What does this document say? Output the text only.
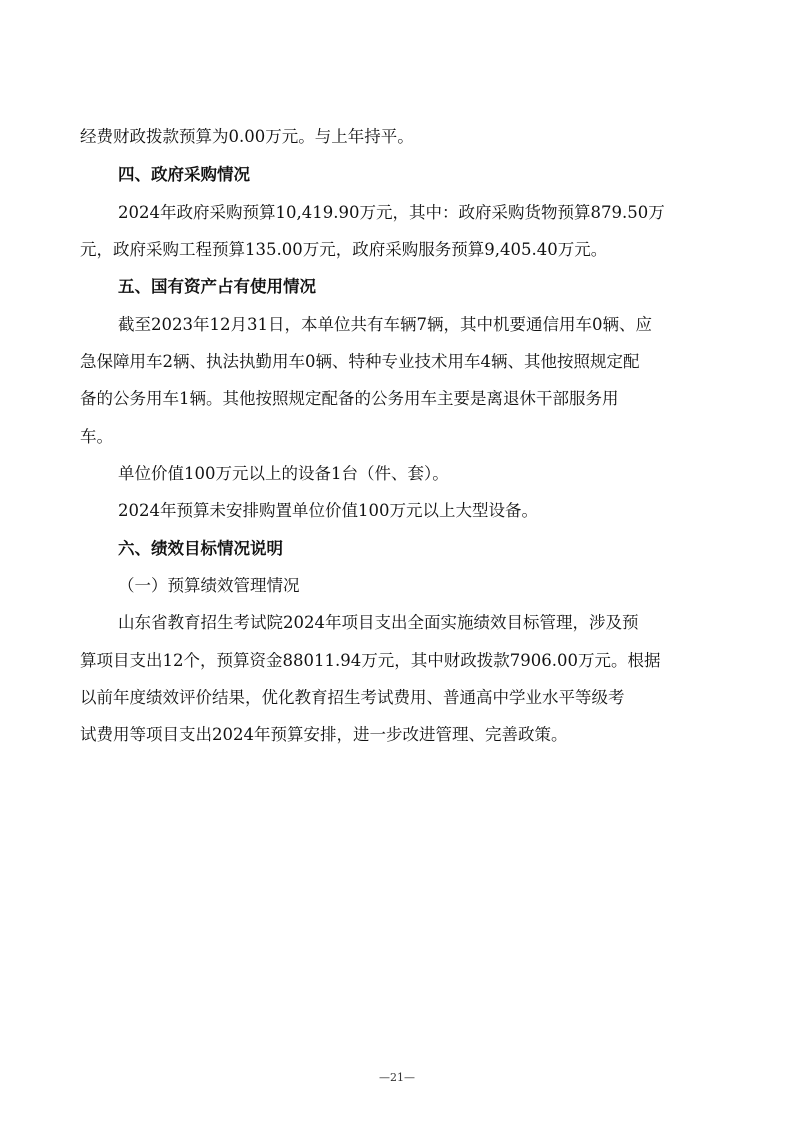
经费财政拨款预算为0.00万元。与上年持平。
四、政府采购情况
2024年政府采购预算10,419.90万元，其中：政府采购货物预算879.50万
元，政府采购工程预算135.00万元，政府采购服务预算9,405.40万元。
五、国有资产占有使用情况
截至2023年12月31日，本单位共有车辆7辆，其中机要通信用车0辆、应
急保障用车2辆、执法执勤用车0辆、特种专业技术用车4辆、其他按照规定配
备的公务用车1辆。其他按照规定配备的公务用车主要是离退休干部服务用
车。
单位价值100万元以上的设备1台（件、套）。
2024年预算未安排购置单位价值100万元以上大型设备。
六、绩效目标情况说明
（一）预算绩效管理情况
山东省教育招生考试院2024年项目支出全面实施绩效目标管理，涉及预
算项目支出12个，预算资金88011.94万元，其中财政拨款7906.00万元。根据
以前年度绩效评价结果，优化教育招生考试费用、普通高中学业水平等级考
试费用等项目支出2024年预算安排，进一步改进管理、完善政策。
—21—
